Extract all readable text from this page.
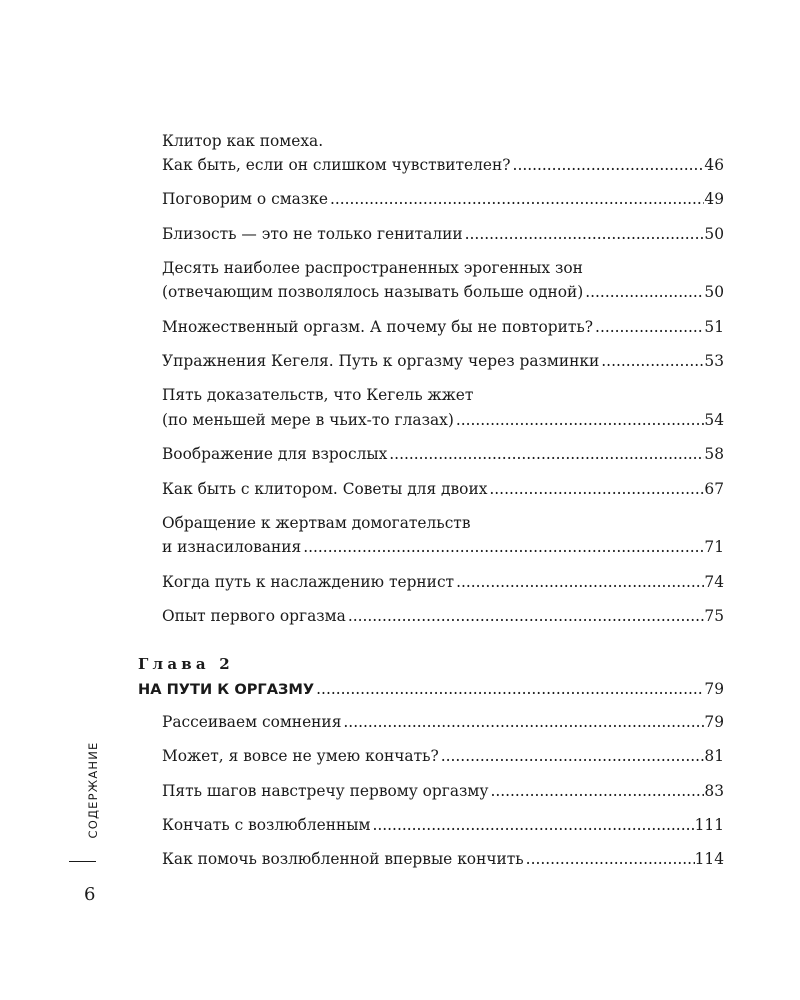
Клитор как помеха.
Как быть, если он слишком чувствителен? .....	46
Поговорим о смазке .....	49
Близость — это не только гениталии .....	50
Десять наиболее распространенных эрогенных зон
(отвечающим позволялось называть больше одной) .....	50
Множественный оргазм. А почему бы не повторить? .....	51
Упражнения Кегеля. Путь к оргазму через разминки .....	53
Пять доказательств, что Кегель жжет
(по меньшей мере в чьих-то глазах) .....	54
Воображение для взрослых .....	58
Как быть с клитором. Советы для двоих .....	67
Обращение к жертвам домогательств
и изнасилования .....	71
Когда путь к наслаждению тернист .....	74
Опыт первого оргазма .....	75
Глава 2
НА ПУТИ К ОРГАЗМУ .....	79
Рассеиваем сомнения .....	79
Может, я вовсе не умею кончать? .....	81
Пять шагов навстречу первому оргазму .....	83
Кончать с возлюбленным .....	111
Как помочь возлюбленной впервые кончить .....	114
СОДЕРЖАНИЕ
6
